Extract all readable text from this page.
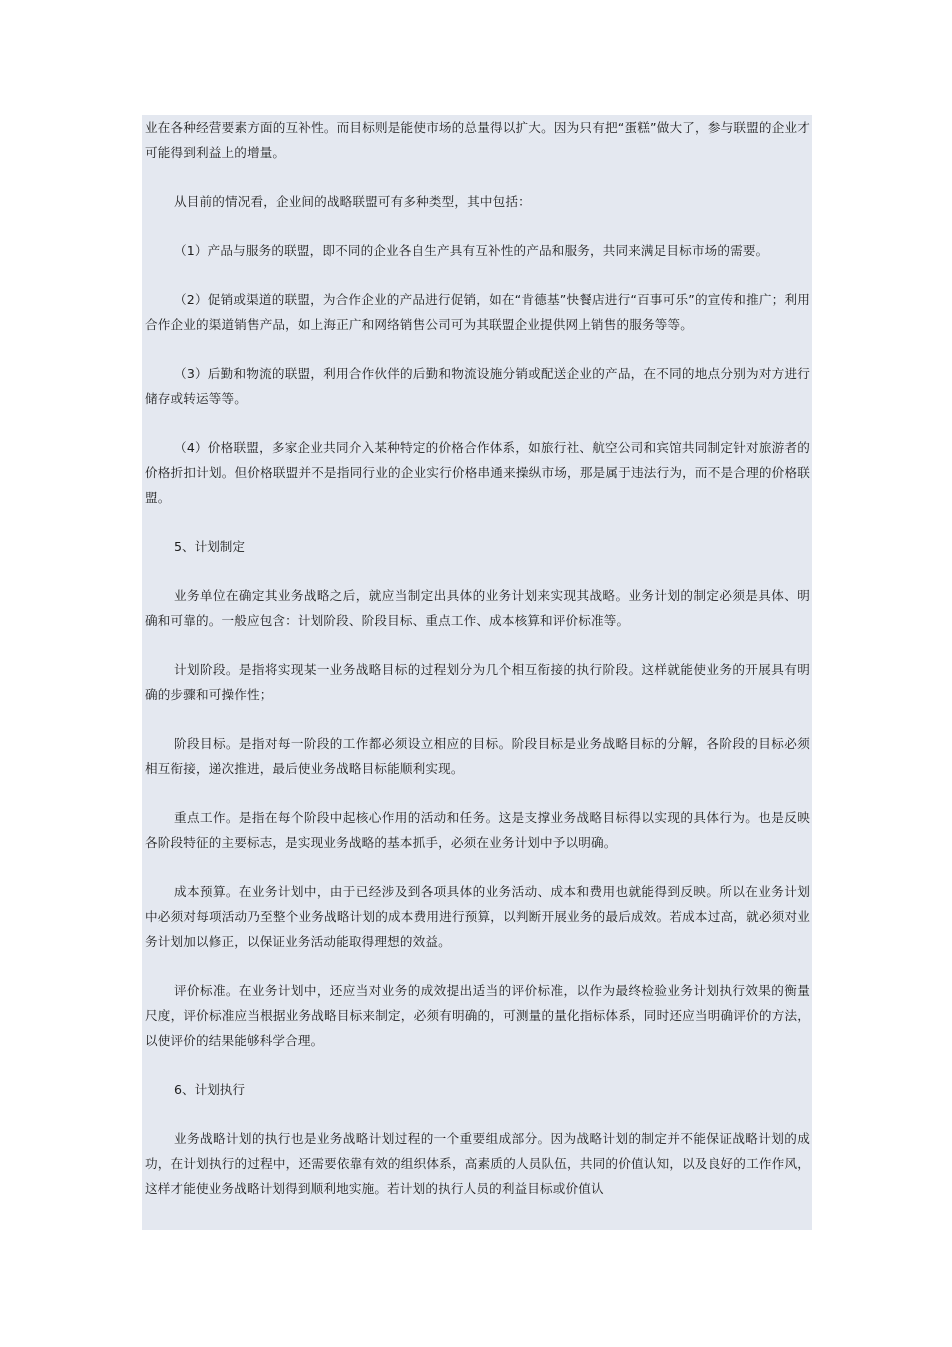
业在各种经营要素方面的互补性。而目标则是能使市场的总量得以扩大。因为只有把“蛋糕”做大了，参与联盟的企业才可能得到利益上的增量。

从目前的情况看，企业间的战略联盟可有多种类型，其中包括：

（1）产品与服务的联盟，即不同的企业各自生产具有互补性的产品和服务，共同来满足目标市场的需要。

（2）促销或渠道的联盟，为合作企业的产品进行促销，如在“肯德基”快餐店进行“百事可乐”的宣传和推广；利用合作企业的渠道销售产品，如上海正广和网络销售公司可为其联盟企业提供网上销售的服务等等。

（3）后勤和物流的联盟，利用合作伙伴的后勤和物流设施分销或配送企业的产品，在不同的地点分别为对方进行储存或转运等等。

（4）价格联盟，多家企业共同介入某种特定的价格合作体系，如旅行社、航空公司和宾馆共同制定针对旅游者的价格折扣计划。但价格联盟并不是指同行业的企业实行价格串通来操纵市场，那是属于违法行为，而不是合理的价格联盟。

5、计划制定

业务单位在确定其业务战略之后，就应当制定出具体的业务计划来实现其战略。业务计划的制定必须是具体、明确和可靠的。一般应包含：计划阶段、阶段目标、重点工作、成本核算和评价标准等。

计划阶段。是指将实现某一业务战略目标的过程划分为几个相互衔接的执行阶段。这样就能使业务的开展具有明确的步骤和可操作性；

阶段目标。是指对每一阶段的工作都必须设立相应的目标。阶段目标是业务战略目标的分解，各阶段的目标必须相互衔接，递次推进，最后使业务战略目标能顺利实现。

重点工作。是指在每个阶段中起核心作用的活动和任务。这是支撑业务战略目标得以实现的具体行为。也是反映各阶段特征的主要标志，是实现业务战略的基本抓手，必须在业务计划中予以明确。

成本预算。在业务计划中，由于已经涉及到各项具体的业务活动、成本和费用也就能得到反映。所以在业务计划中必须对每项活动乃至整个业务战略计划的成本费用进行预算，以判断开展业务的最后成效。若成本过高，就必须对业务计划加以修正，以保证业务活动能取得理想的效益。

评价标准。在业务计划中，还应当对业务的成效提出适当的评价标准，以作为最终检验业务计划执行效果的衡量尺度，评价标准应当根据业务战略目标来制定，必须有明确的，可测量的量化指标体系，同时还应当明确评价的方法，以使评价的结果能够科学合理。

6、计划执行

业务战略计划的执行也是业务战略计划过程的一个重要组成部分。因为战略计划的制定并不能保证战略计划的成功，在计划执行的过程中，还需要依靠有效的组织体系，高素质的人员队伍，共同的价值认知，以及良好的工作作风，这样才能使业务战略计划得到顺利地实施。若计划的执行人员的利益目标或价值认
